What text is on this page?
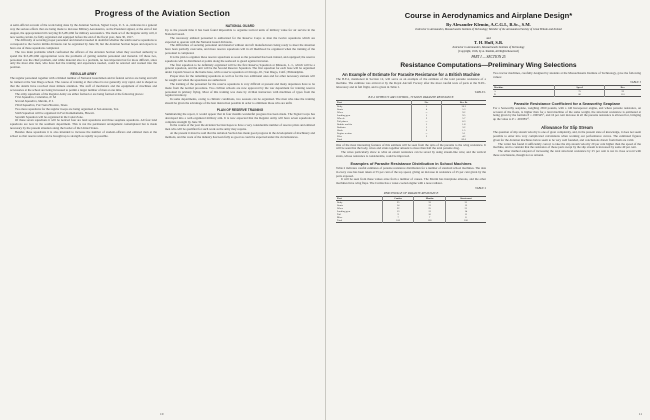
Progress of the Aviation Section

A semi-official account of the work being done by the Aviation Section, Signal Corps, U. S. A., indicates in a general way the serious efforts that are being made to increase Military Aeronautics, as the President signed, at the end of last August, the appropriation bill carrying $13,281,666 for military aeronautics. The main act of the Regular Army will, it now seems certain, be fully organized and equipped before the end of the fiscal year, June 30, 1917.

The difficulty of securing proper personnel and material needed in doubtful whether the tenth reserve squadrons to correspond to the twelve militia divisions can be organized by June 30, but the Aviation Section hopes and expects to have one of these squadrons completed.

The two main problems which confronted the officers of the Aviation Section when they received authority to spend the $13,281,666 appropriation were the problems of getting suitable personnel and material. Of these two, personnel was the chief problem, and while material also is a problem, no less important but far more difficult, since only the most able men, who have had the training and experience needed, could be selected and worked into the position.

REGULAR ARMY

The regular personnel together with a limited number of National Guardsmen and in federal service are being and will be trained at the San Diego school. The course of training at that school is not generally very rapid, and is shaped so that the details have received most minute attention. The staff of mechanics and the equipment of machines and accessories at the school are being increased to permit a larger number of men at one time.

The army squadrons of the Regular Army are either formed or are being formed at the following places:

First Squadron, Columbus, N. M.

Second Squadron, Manila, P. I.

Third Squadron, Fort Sam Houston, Texas.

Two more squadrons for the regular troops are being organized at San Antonio, Tex.

Sixth Squadron will be organized in Fort Kamehameha, Hawaii.

Seventh Squadron will be organized in the Canal Zone.

Of these seven squadrons it will be noticed four are land squadrons and three seaplane squadrons. All four land squadrons are now in the southern department. This is not the permanent arrangement contemplated but is made necessary by the present situation along the border of the United States.

Besides these squadrons it is also intended to increase the number of student-officers and enlisted men at the school so that reserve units can be brought up to strength as rapidly as possible.

NATIONAL GUARD

Up to the present time it has been found impossible to organize tactical units of military value for air service in the National Guard.

The necessary enlisted personnel is authorized for the Reserve Corps to man the twelve squadrons which are expected to operate with the National Guard divisions.

The difficulties of securing personnel and material without aircraft manufacturers being ready to meet the situation have been partially overcome, and more reserve squadrons will in all likelihood be organized when the training of the personnel is completed.

It is the plan to organize these reserve squadrons as soon as the personnel has been trained, and equipped; the reserve squadrons will be distributed at points along the seaboard to guard against invasion.

The first squadron to be definitely organized will be the first Reserve Squadron at Mineola, L. I., which will be a general squadron, and the unit will be the Second Reserve Squadron. The first squadron for each base will be organized under Captain Sweet as the home base, with a reserve squadron at Chicago, Ill.; San Diego, Calif.; Philadelphia.

Proper sites for the remaining squadrons as well as for the two additional ones and for other necessary stations will be sought out when the squadrons are authorized.

The training of the personnel for the reserve squadrons is very difficult at present and many departures have to be made from the normal procedure. Two civilian schools are now approved by the war department for training reserve personnel in primary flying. Most of this training was done by civilian instructors with machines of types from the regular inventory.

In some departments, owing to climatic conditions, two seasons can be organized. The men who take the training should be given the advantage of the best instruction possible in order to eliminate those who are unfit.

PLAN OF RESERVE TRAINING

Summarizing the report, it would appear that in four months wonderful progress has been made. The Signal Corps has developed into a well-organized military arm. It is now expected that the Regular Army will have seven squadrons in complete strength by June 30.

In the course of the year the Aviation Section hopes to have a very considerable number of reserve pilots and enlisted men who will be qualified for such work as the army may require.

At the present it must be said that the Aviation Section has made good progress in the development of machinery and methods, and the work of the industry has been fully as good as could be expected under the circumstances.

10
Course in Aerodynamics and Airplane Design*
By Alexander Klemin, A.C.G.I., B.Sc., S.M.
Instructor in Aeronautics, Massachusetts Institute of Technology; Member of the Aeronautical Society of Great Britain and Ireland
and
T. H. Huff, S.B.
Instructor in Aeronautics, Massachusetts Institute of Technology
(Copyright, 1916, by A. Klemin, All Rights Reserved)
PART I — SECTION 25
Resistance Computations—Preliminary Wing Selections
An Example of Estimate for Parasite Resistance for a British Machine

The B.E.2, mentioned in Section 12, will serve as an example of the estimate of the total parasite resistance of a machine. The estimate was arrived at by the Royal Aircraft Factory after the most careful tests of parts at the N.P.L. laboratory and in full flight, and is given in Table I.

TABLE I.
B.E.2 WITHOUT AIR CONTROL, 70 M.P.H. PARASITE RESISTANCE
Part	No.	Res. lb.
Body	1	30.2
Struts	4	5.3
Wires	--	9.2
Landing gear	1	9.5
Wheels	2	5.7
Tail planes	--	6.3
Rudder and fin	1	1.8
Radiator	1	3.2
Skids	2	1.5
Engine section	--	5.1
Pilot	2	4.2
Total		82.0

One of the most interesting features of this estimate will be seen from the ratio of the parasite to the wing resistance. It will be seen that the body, wires and struts together amount to more than half the total parasite drag.

The wires particularly show to what an extent resistance can be saved by using stream-line wire; and the vertical struts, whose resistance is considerable, could be improved.

Examples of Parasite Resistance Distribution in School Machines

Table 2 indicates careful estimates of parasite resistance distribution for a number of standard school machines. The data in every case has been taken at 55 per cent of the top speed, giving an increase in resistance of 25 per cent given by the parts exposed.

It will be seen from these values arise from a number of causes. The Martin has interplane ailerons, and the other machines have wing flaps. The Curtiss has a water-cooled engine with a nose radiator.

TABLE 2
PERCENTAGE OF PARASITE RESISTANCE
Part	Curtiss	Martin	Sturtevant
Body	35	33	31
Struts	14	13	15
Wires	22	25	21
Landing gear	13	12	14
Tail	9	10	11
Misc.	7	7	8
Total	100	100	100

Two tractor machines, carefully designed by students at the Massachusetts Institute of Technology, gave the following values:

TABLE 3
Machine	Speed	Res.
A	75	92
B	80	110
Parasite Resistance Coefficient for a Seaworthy Seaplane

For a Seaworthy seaplane, weighing 2650 pounds, with a 140 horsepower engine, and where parasite resistance, on account of the floats, is higher than for a land machine of the same weight, the structural resistance is estimated at being given by the formula P = .00034V², and 16 per cent increase in all the parasite resistance is allowed for, bringing up the value to P = .00038V².

Allowance for Slip Stream

The question of slip stream velocity is one of great complexity, and, in the present state of knowledge, it does not seem possible to enter into very complicated calculations when working out performance curves. The estimated figures given for the Aviation machines below seem to be very well founded, and conclusions drawn from them are valid.

The writer has found it sufficiently correct to take the slip stream velocity 20 per cent higher than the speed of the machine, and to consider that the resistance of those parts swept by the slip stream is increased by some 40 per cent.

The other method adopted of increasing the total structural resistance by 25 per cent is not in close accord with these conclusions, though not as rational.

11
